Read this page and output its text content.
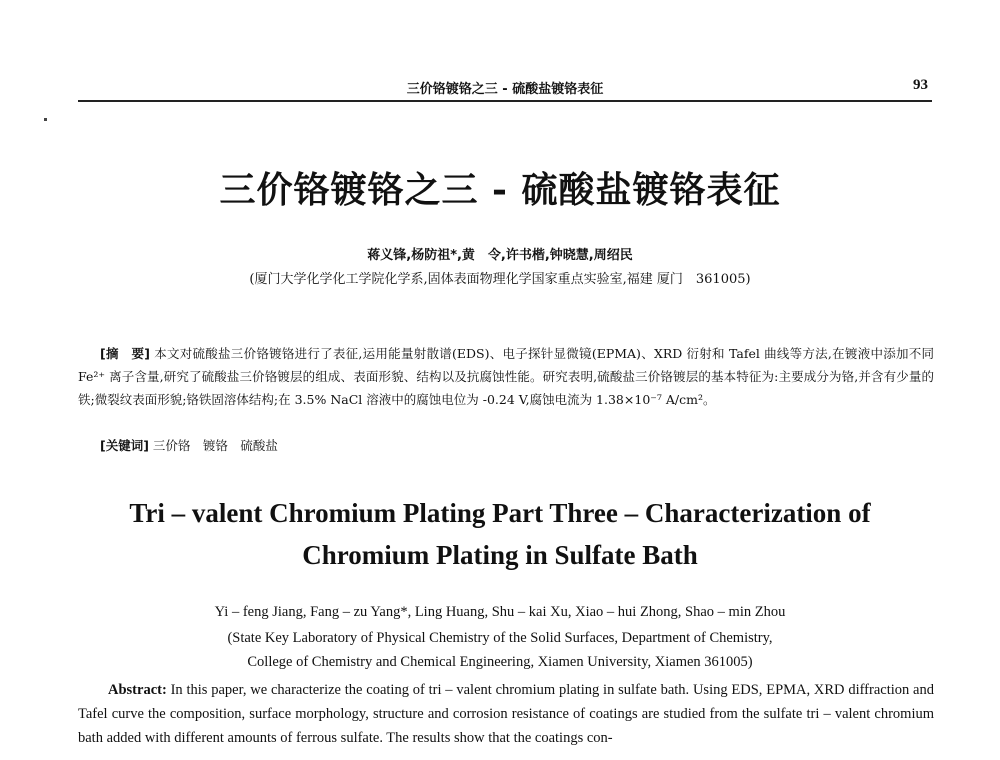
三价铬镀铬之三 - 硫酸盐镀铬表征	93
三价铬镀铬之三 - 硫酸盐镀铬表征
蒋义锋,杨防祖*,黄　令,许书楷,钟晓慧,周绍民
(厦门大学化学化工学院化学系,固体表面物理化学国家重点实验室,福建 厦门　361005)
[摘　要] 本文对硫酸盐三价铬镀铬进行了表征,运用能量射散谱(EDS)、电子探针显微镜(EPMA)、XRD 衍射和 Tafel 曲线等方法,在镀液中添加不同 Fe²⁺ 离子含量,研究了硫酸盐三价铬镀层的组成、表面形貌、结构以及抗腐蚀性能。研究表明,硫酸盐三价铬镀层的基本特征为:主要成分为铬,并含有少量的铁;微裂纹表面形貌;铬铁固溶体结构;在 3.5% NaCl 溶液中的腐蚀电位为 -0.24 V,腐蚀电流为 1.38×10⁻⁷ A/cm²。
[关键词] 三价铬　镀铬　硫酸盐
Tri – valent Chromium Plating Part Three – Characterization of
Chromium Plating in Sulfate Bath
Yi – feng Jiang, Fang – zu Yang*, Ling Huang, Shu – kai Xu, Xiao – hui Zhong, Shao – min Zhou
(State Key Laboratory of Physical Chemistry of the Solid Surfaces, Department of Chemistry,
College of Chemistry and Chemical Engineering, Xiamen University, Xiamen 361005)
Abstract: In this paper, we characterize the coating of tri – valent chromium plating in sulfate bath. Using EDS, EPMA, XRD diffraction and Tafel curve the composition, surface morphology, structure and corrosion resistance of coatings are studied from the sulfate tri – valent chromium bath added with different amounts of ferrous sulfate. The results show that the coatings con-
